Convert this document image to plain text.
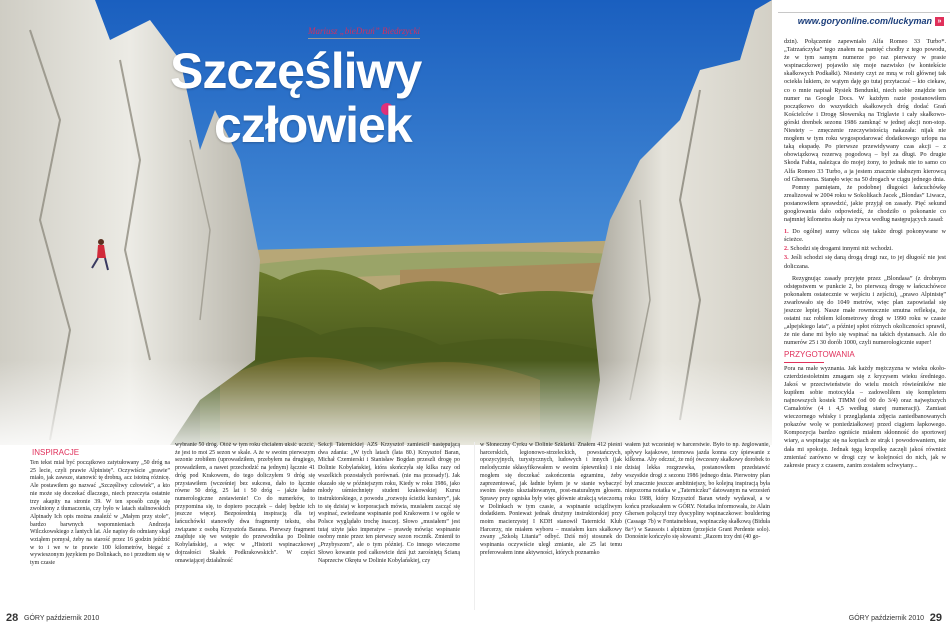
Mariusz „bieDruń” Biedrzycki
Szczęśliwy
człowiek
www.goryonline.com/luckyman »

dzin). Połączenie zapewniało Alfa Romeo 33 Turbo*. „Tatrzańczyka” tego znałem na pamięć chodby z tego powodu, że w tym samym numerze po raz pierwszy w prasie wspinaczkowej pojawiło się moje nazwisko (w kontekście skałkowych Podkałki). Niestety czyt ze mną w roli głównej tak ociekła lukiem, że wątym daję go tutaj przytaczać – kto ciekaw, co o mnie napisał Rysiek Bendunki, niech sobie znajdzie ten numer na Google Docs. W każdym razie postanowiłem początkowo do wszystkich skałkowych dróg dodać Grań Kościelców i Drogę Słowerską na Triglavie i cały skałkowo-górski drenbek sezonu 1986 zamknąć w jednej akcji non-stop. Niestety – zmęczenie rzeczywistością nakazała: nijak nie mogłem w tym roku wygospodarować dodatkowego urlopu na taką ekspadę. Po pierwsze przewidywany czas akcji – z obowiązkową rezerwą pogodową – był za długi. Po drugie Skoda Fabia, należąca do mojej żony, to jednak nie to samo co Alfa Romeo 33 Turbo, a ja jestem znacznie słabszym kierowcą od Gherseena. Stanęło więc na 50 drogach w ciągu jednego dnia.

Pomny pamiętam, że podobnej długości łańcuchówkę zrealizował w 2004 roku w Sokolikach Jacek „Blondas” Liwacz, postanowiłem sprawdzić, jakie przyjął on zasady. Pięć sekund googlowania dało odpowiedź, że chodziło o pokonanie co najmniej kilometra skały na żywca według następujących zasad:

1. Do ogólnej sumy wlicza się także drogi pokonywane w ścieżce.
2. Schodzi się drogami innymi niż wchodzi.
3. Jeśli schodzi się daną drogą drugi raz, to jej długość nie jest doliczana.

Rezygnując zasady przyjęte przez „Blondasa” (z drobnym odstępstwem w punkcie 2, bo pierwszą drogę w łańcuchówce pokonałem ostatecznie w wejściu i zejściu), „prawo Alpinistę” zwarłowało się do 1049 metrów, więc plan zapowiadał się jeszcze lepiej. Nasze małe rowmocznie smutna refleksja, że ostatni raz robiłem kilometrowy drogi w 1990 roku w czasie „alpejskiego lata”, a później spłot różnych okoliczności sprawił, że nie dane mi było się wspinać na takich dystansach. Ale do numerów 25 i 30 dorób 1000, czyli numerologicznie super!

PRZYGOTOWANIA

Pora na małe wyznania. Jak każdy mężczyzna w wieku około-czterdziestoletnim zmagam się z kryzysem wieku średniego. Jakoś w przeciwieństwie do wielu moich rówieśników nie kupiłem sobie motocykla – zadowoliłem się kompletem najnowszych kostek TIMM (od 00 do 3/4) oraz najwęższych Camalotów (4 i 4,5 według starej numeracji). Zamiast wieczornego whisky i przeglądania zdjęcia zaniedbanowanych pokazów wolę w poniedziałkowej przed ciągiem łapkowego. Kompozycja bardzo ogniście miałem skłonność do sportowej wiary, a wspinając się na kopiach ze strąk i powodowaniem, nie dała mi spokoju. Jednak tęgą kropelkę zaczęli jakoś również zmieniać zarówno w drogi czy w kolejności do nich, jak w zakresie pracy z czasem, zanim zostałem schwytany...

INSPIRACJE
Ten tekst miał być początkowo zatytułowany „50 dróg na 25 lecie, czyli prawie Alpinistę”. Oczywiście „prawie” miało, jak zawsze, stanowić tę drobną, acz istotną różnicę. Ale postawiłem go nazwać „Szczęśliwy człowiek”, a kto nie może się doczekać dlaczego, niech przeczyta ostatnie trzy akapity na stronie 39. W ten sposób czuję się zwolniony z tłumaczenia, czy było w latach stalinowskich Alpinady Ich opis można znaleźć w „Małym przy stole”, bardzo barwnych wspomnieniach Andrzeja Wilczkowskiego z lantych lat. Ale napisy do odmiany skąd wziąłem pomysł, żeby na starość przez 16 godzin jeździć w to i we w te prawie 100 kilometrów, biegać z wywieszonym językiem po Dolinkach, no i przedtem się w tym czasie
wybranie 50 dróg. Otóż w tym roku chciałem uksić uczcić, że jest to moi 25 sezon w skale. A że w swoim pierwszym sezonie zrobiłem (uprowadziłem, przebyłem na drugiego, prowadziłem, a nawet przechodzić na jednym) łącznie 41 dróg pod Krakowem, do tego doliczyłem 9 dróg się przystawiłem (wcześniej bez sukcesu, dało to łącznie równe 50 dróg, 25 lat i 50 dróg – jakże ładne numerologiczne zestawienie! Co do numerków, to przypomina się, to dopiero początek – dalej będzie ich jeszcze więcej. Bezpośrednią inspiracją dla tej łańcuchówki stanowiły dwa fragmenty tekstu, oba związane z osobą Krzysztofa Barana. Pierwszy fragment znajduje się we wstępie do przewodnika po Dolinie Kobylańskiej, a więc w „Historii wspinaczkowej dojrzałości Skałek Podkrakowskich”. W części omawiającej działalność
Sekcji Taternickiej AZS Krzysztof zamieścił następującą dwa zdania: „W tych latach (lata 80.) Krzysztof Baran, Michał Czemierski i Stanisław Bogdan przeszli drogę po Dolinie Kobylańskiej, która skończyła się kilka razy od wszelkich pozostałych porównań. (nie ma przesady!). Jak okazało się w późniejszym roku, Kiedy w roku 1986, jako młody uśmiechnięty student krakowskiej Kursu instruktorskiego, z powodu „rozwoju ścieżki kursiery”, jak to się dzisiaj w korporacjach mówia, musiałem zacząć się wspinać, zwiedzane wspinanie pod Krakowem i w ogóle w Polsce wyglądało trochę inaczej. Słowo „musiałem” jest tutaj użyte jako imperatyw – prawdę mówiąc wspinanie osobny mnie przez ten pierwszy sezon rocznik. Zmienił to „Przybyszom”, ale o tym później. Co innego wieczorne Słowo kowanie pod całkowicie dziś już zarośniętą Ścianą Naprzeciw Okrętu w Dolinie Kobylańskiej, czy
w Słoneczny Cyrku w Dolinie Szklarki. Znałem 412 pieśni harcerskich, legionowo-strzeleckich, powstańczych, opozycyjnych, turystycznych, ludowych i innych (jak melodycznie skłasyfikowałem w swoim śpiewniku) i nie mogłem się doczekać zakończenia egzaminu, żeby zaprezentować, jak ładnie byłem je w stanie wybaczyć swoim śwężo ukształtowanym, post-maturalnym głosem. Sprawy przy ogniska były więc głównie atrakcją wieczorną w Dolinkach w tym czasie, a wspinanie uciążliwym dodatkiem. Ponieważ jednak drużyny instruktorskiej przy moim macierzystej I KDH stanowił Taternicki Klub Harcerzy, nie miałem wyboru – musiałem kurs skałkowy zwany „Szkołą Litania” odbyć. Dziś mój stosunek do wspinania oczywiście uległ zmianie, ale 25 lat temu preferowałem inne aktywności, których poznamko
wałem już wcześniej w harcerstwie. Było to np. żeglowanie, spływy kajakowe, terenowa jazda konna czy śpiewanie z kilkoma. Aby odczuć, że mój ówczesny skałkowy dorobek to dzisiaj lekka rozgrzewka, postanowiłem przedstawić wszystkie drogi z sezonu 1986 jednego dnia. Pierwotny plan był znacznie jeszcze ambitniejszy, bo kolejną inspiracją była niepozorna notatka w „Taterniczku” datowanym na wrzesień roku 1988, który Krzysztof Baran wtedy wydawał, a w końcu przekazałem w GÓRY. Notatka informowała, że Alain Ghersen połączył trzy dyscypliny wspinaczkowe: bouldering (Cassage 7b) w Fontainebleau, wspinaczkę skałkową (Biduła 8a+) w Saussois i alpinizm (przejście Grant Perdente solo). Donośnie kończyło się słowami: „Razem trzy dni (40 go-
28 GÓRY październik 2010	GÓRY październik 2010 29
